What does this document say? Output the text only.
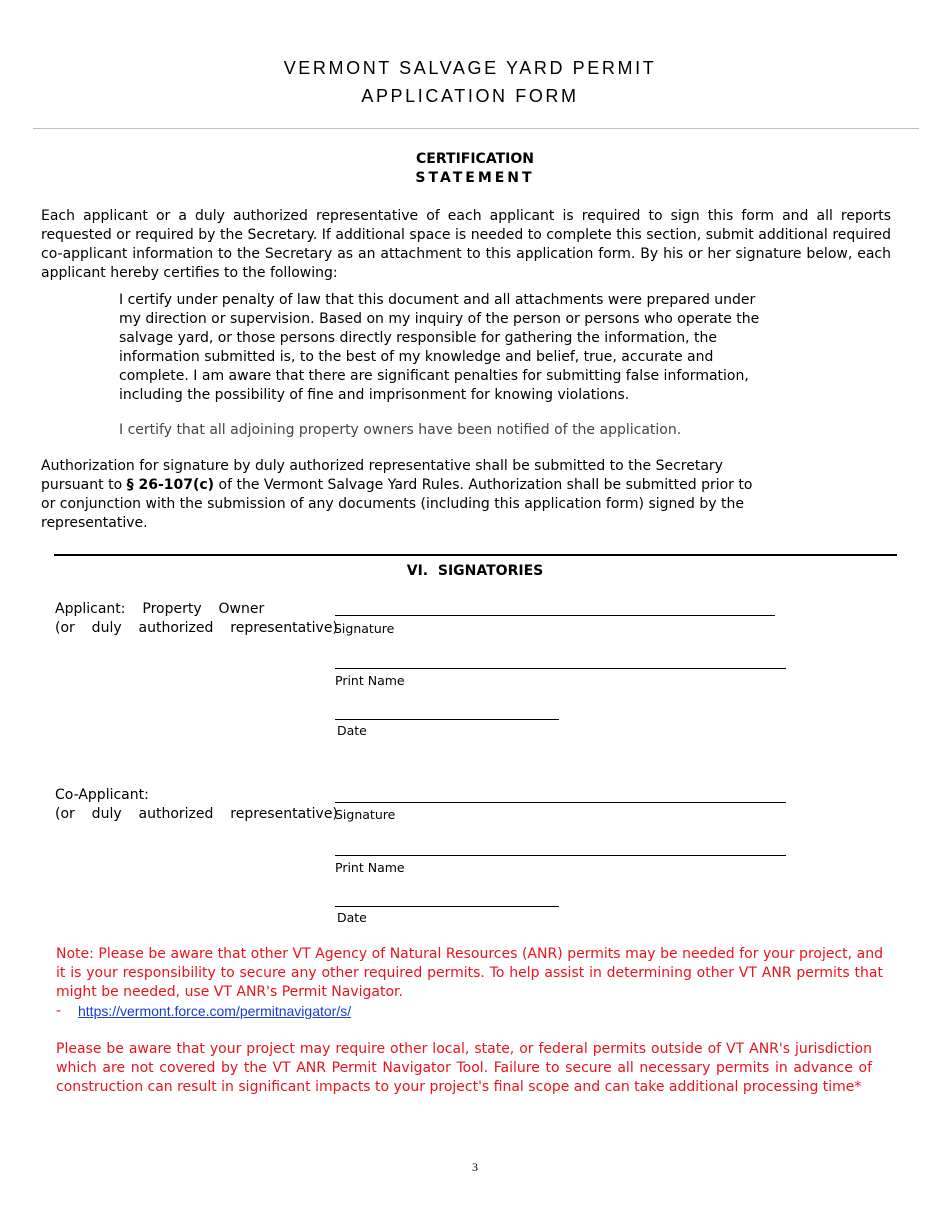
VERMONT SALVAGE YARD PERMIT
APPLICATION FORM
CERTIFICATION
STATEMENT
Each applicant or a duly authorized representative of each applicant is required to sign this form and all reports requested or required by the Secretary. If additional space is needed to complete this section, submit additional required co-applicant information to the Secretary as an attachment to this application form. By his or her signature below, each applicant hereby certifies to the following:
I certify under penalty of law that this document and all attachments were prepared under
my direction or supervision. Based on my inquiry of the person or persons who operate the
salvage yard, or those persons directly responsible for gathering the information, the
information submitted is, to the best of my knowledge and belief, true, accurate and
complete. I am aware that there are significant penalties for submitting false information,
including the possibility of fine and imprisonment for knowing violations.
I certify that all adjoining property owners have been notified of the application.
Authorization for signature by duly authorized representative shall be submitted to the Secretary
pursuant to § 26-107(c) of the Vermont Salvage Yard Rules. Authorization shall be submitted prior to
or conjunction with the submission of any documents (including this application form) signed by the
representative.
VI.  SIGNATORIES
Applicant:  Property  Owner
(or  duly  authorized  representative)
Signature
Print Name
Date
Co-Applicant:
(or  duly  authorized  representative)
Signature
Print Name
Date
Note: Please be aware that other VT Agency of Natural Resources (ANR) permits may be needed for your project, and it is your responsibility to secure any other required permits. To help assist in determining other VT ANR permits that might be needed, use VT ANR's Permit Navigator.
- https://vermont.force.com/permitnavigator/s/
Please be aware that your project may require other local, state, or federal permits outside of VT ANR's jurisdiction which are not covered by the VT ANR Permit Navigator Tool. Failure to secure all necessary permits in advance of construction can result in significant impacts to your project's final scope and can take additional processing time*
3
